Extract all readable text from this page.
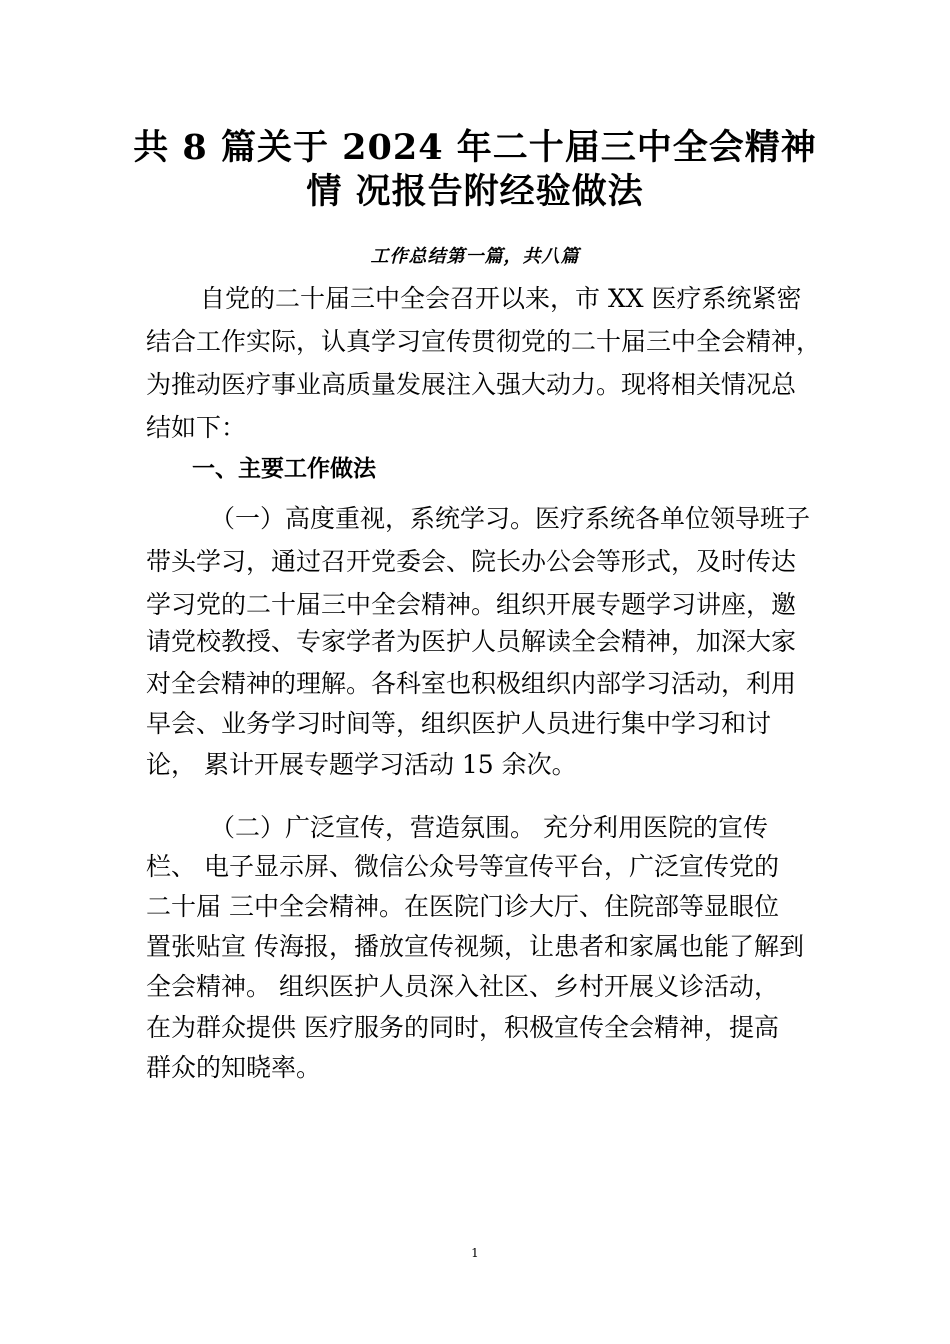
共 8 篇关于 2024 年二十届三中全会精神
情 况报告附经验做法
工作总结第一篇，共八篇
自党的二十届三中全会召开以来，市 XX 医疗系统紧密
结合工作实际，认真学习宣传贯彻党的二十届三中全会精神，
为推动医疗事业高质量发展注入强大动力。现将相关情况总
结如下：
一、主要工作做法
（一）高度重视，系统学习。医疗系统各单位领导班子
带头学习，通过召开党委会、院长办公会等形式，及时传达
学习党的二十届三中全会精神。组织开展专题学习讲座，邀
请党校教授、专家学者为医护人员解读全会精神，加深大家
对全会精神的理解。各科室也积极组织内部学习活动，利用
早会、业务学习时间等，组织医护人员进行集中学习和讨
论， 累计开展专题学习活动 15 余次。
（二）广泛宣传，营造氛围。 充分利用医院的宣传
栏、 电子显示屏、微信公众号等宣传平台，广泛宣传党的
二十届 三中全会精神。在医院门诊大厅、住院部等显眼位
置张贴宣 传海报，播放宣传视频，让患者和家属也能了解到
全会精神。 组织医护人员深入社区、乡村开展义诊活动，
在为群众提供 医疗服务的同时，积极宣传全会精神，提高
群众的知晓率。
1
